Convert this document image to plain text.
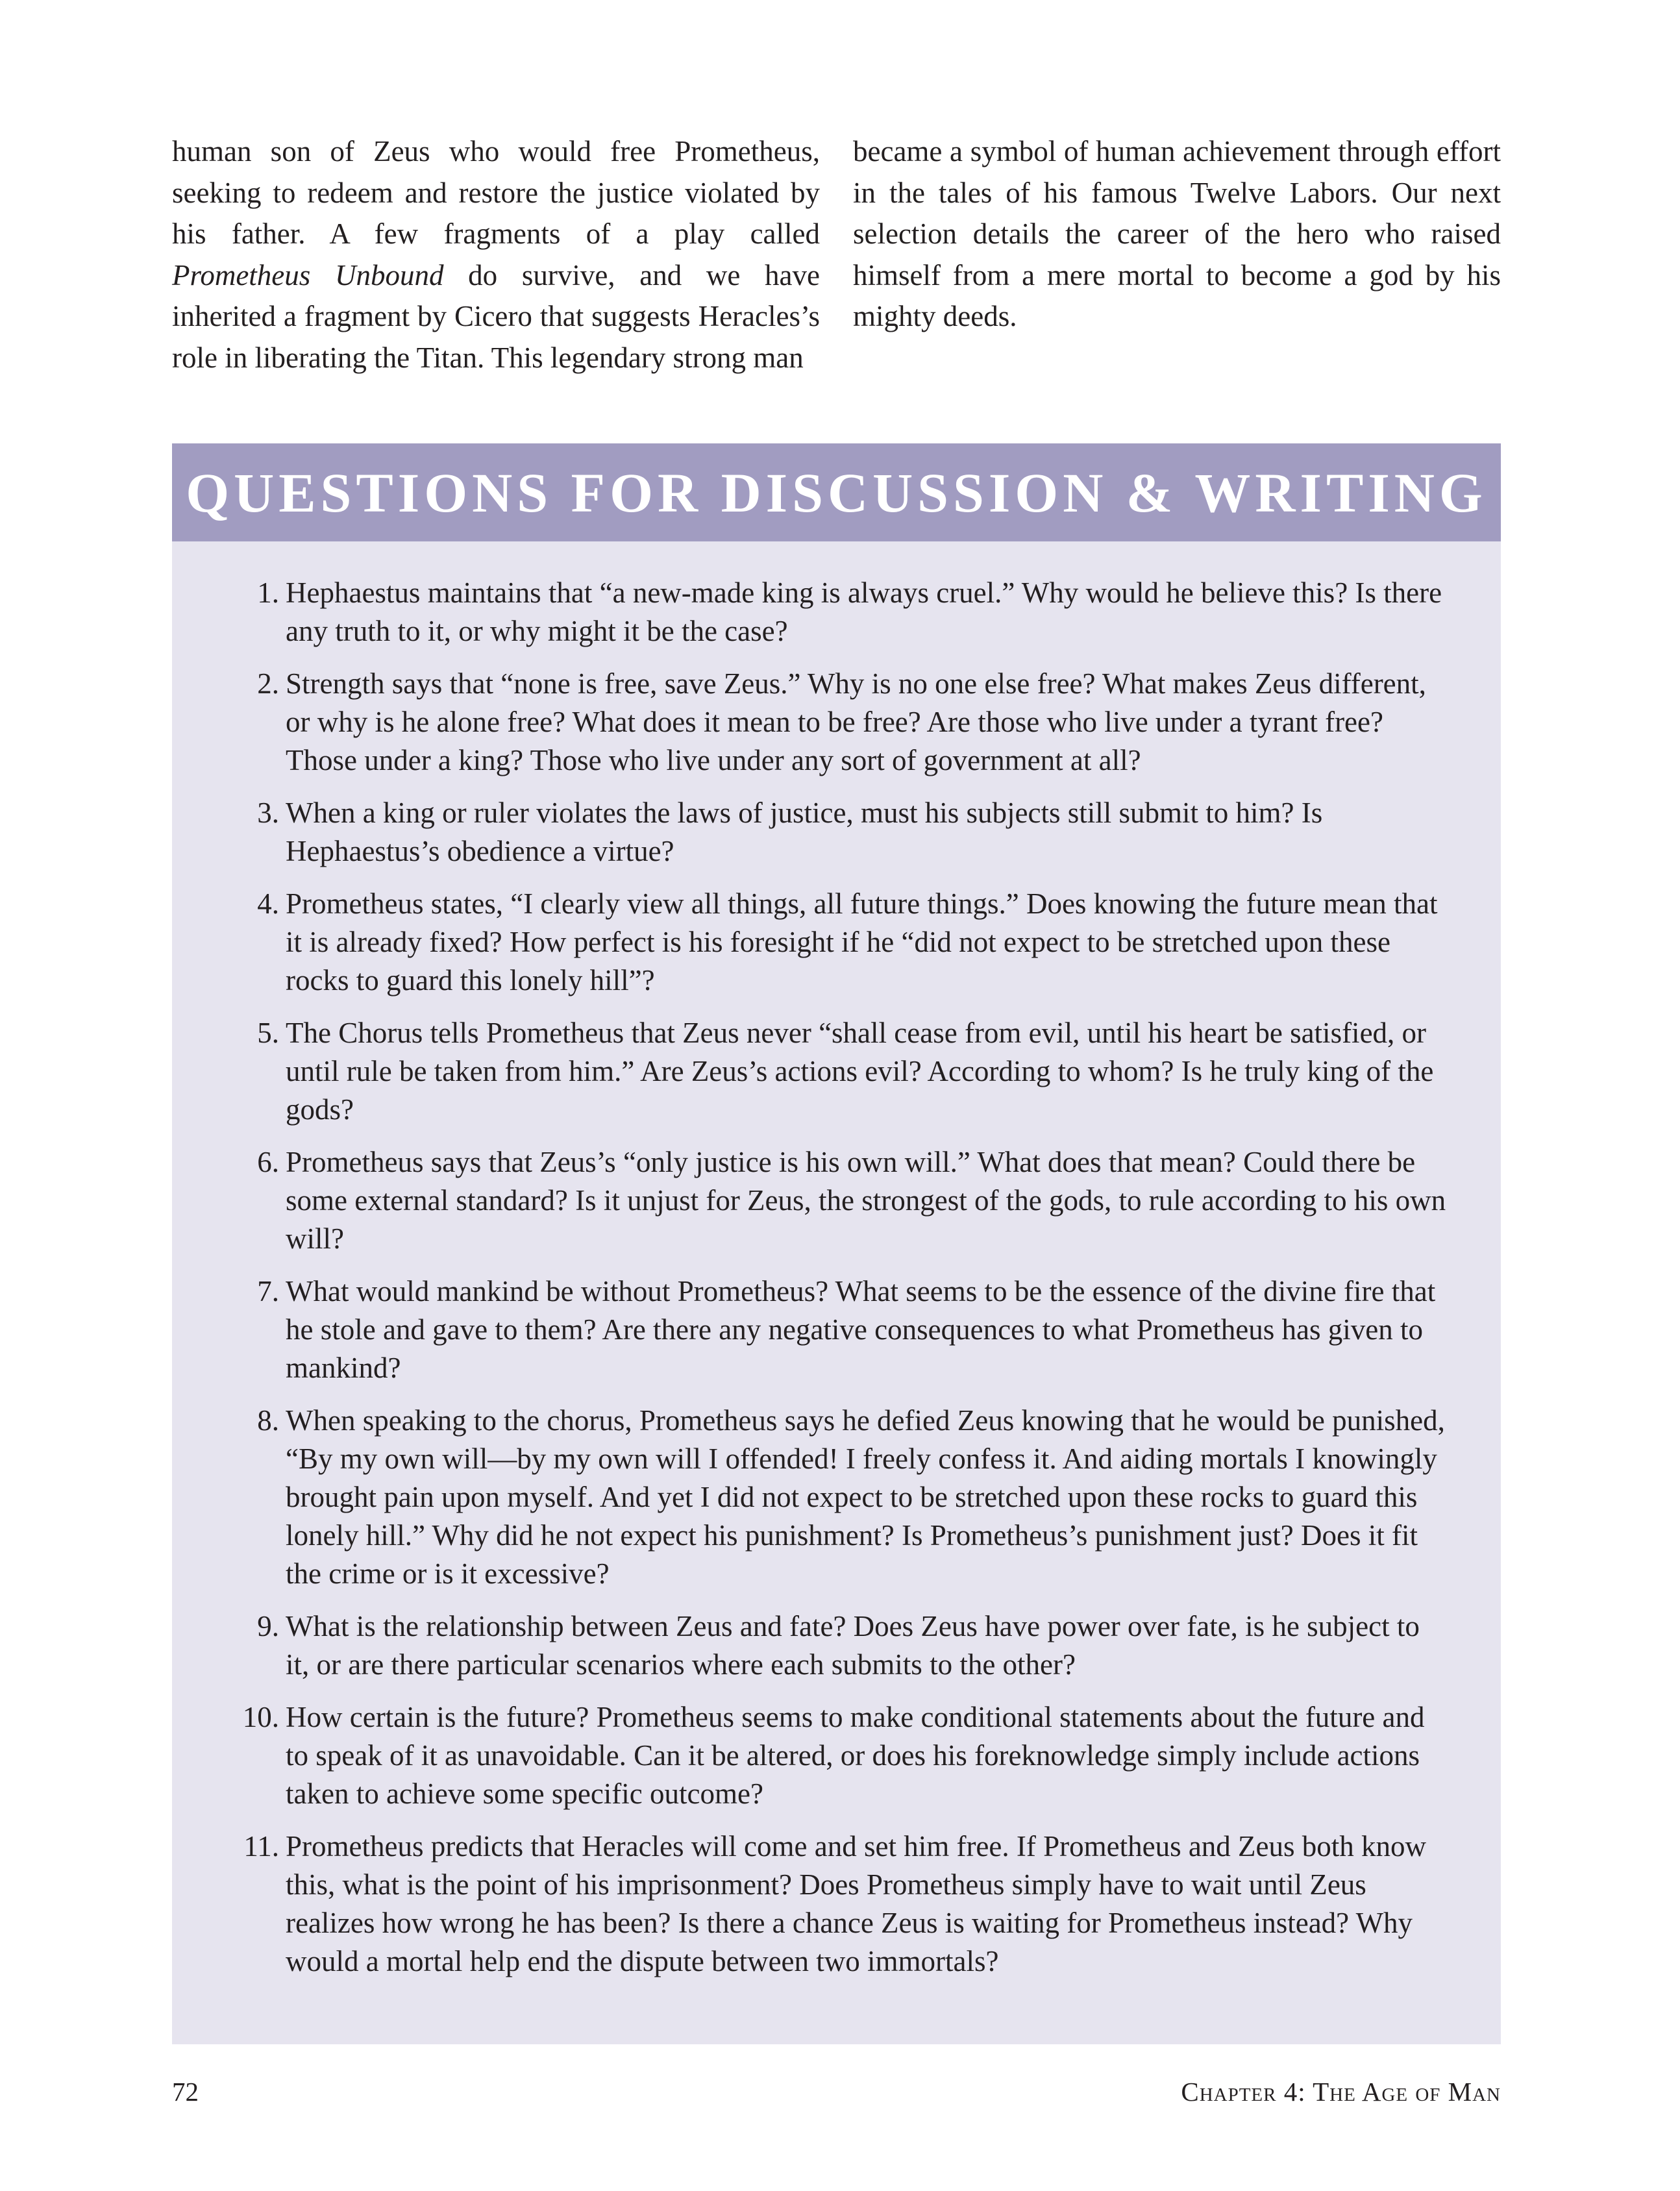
human son of Zeus who would free Prometheus, seeking to redeem and restore the justice violated by his father. A few fragments of a play called Prometheus Unbound do survive, and we have inherited a fragment by Cicero that suggests Heracles’s role in liberating the Titan. This legendary strong man

became a symbol of human achievement through effort in the tales of his famous Twelve Labors. Our next selection details the career of the hero who raised himself from a mere mortal to become a god by his mighty deeds.

QUESTIONS FOR DISCUSSION & WRITING
1. Hephaestus maintains that “a new-made king is always cruel.” Why would he believe this? Is there any truth to it, or why might it be the case?
2. Strength says that “none is free, save Zeus.” Why is no one else free? What makes Zeus different, or why is he alone free? What does it mean to be free? Are those who live under a tyrant free? Those under a king? Those who live under any sort of government at all?
3. When a king or ruler violates the laws of justice, must his subjects still submit to him? Is Hephaestus’s obedience a virtue?
4. Prometheus states, “I clearly view all things, all future things.” Does knowing the future mean that it is already fixed? How perfect is his foresight if he “did not expect to be stretched upon these rocks to guard this lonely hill”?
5. The Chorus tells Prometheus that Zeus never “shall cease from evil, until his heart be satisfied, or until rule be taken from him.” Are Zeus’s actions evil? According to whom? Is he truly king of the gods?
6. Prometheus says that Zeus’s “only justice is his own will.” What does that mean? Could there be some external standard? Is it unjust for Zeus, the strongest of the gods, to rule according to his own will?
7. What would mankind be without Prometheus? What seems to be the essence of the divine fire that he stole and gave to them? Are there any negative consequences to what Prometheus has given to mankind?
8. When speaking to the chorus, Prometheus says he defied Zeus knowing that he would be punished, “By my own will—by my own will I offended! I freely confess it. And aiding mortals I knowingly brought pain upon myself. And yet I did not expect to be stretched upon these rocks to guard this lonely hill.” Why did he not expect his punishment? Is Prometheus’s punishment just? Does it fit the crime or is it excessive?
9. What is the relationship between Zeus and fate? Does Zeus have power over fate, is he subject to it, or are there particular scenarios where each submits to the other?
10. How certain is the future? Prometheus seems to make conditional statements about the future and to speak of it as unavoidable. Can it be altered, or does his foreknowledge simply include actions taken to achieve some specific outcome?
11. Prometheus predicts that Heracles will come and set him free. If Prometheus and Zeus both know this, what is the point of his imprisonment? Does Prometheus simply have to wait until Zeus realizes how wrong he has been? Is there a chance Zeus is waiting for Prometheus instead? Why would a mortal help end the dispute between two immortals?
72	Chapter 4: The Age of Man
